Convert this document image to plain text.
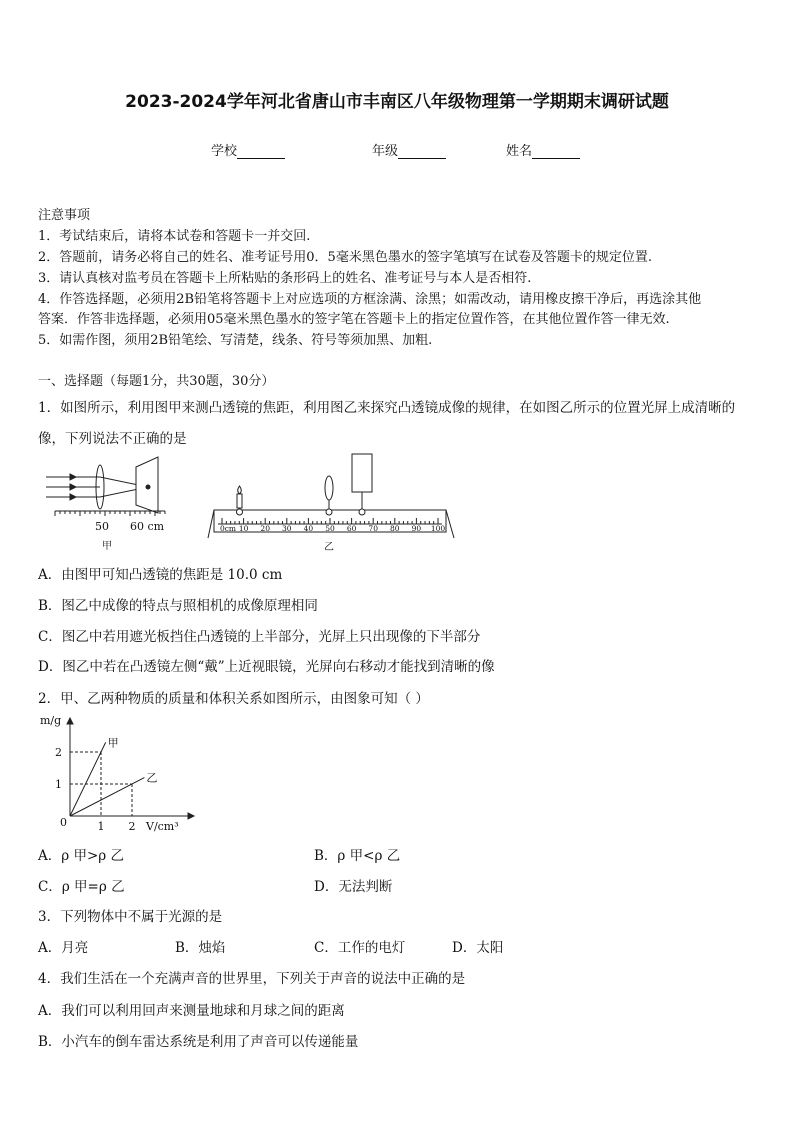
2023-2024学年河北省唐山市丰南区八年级物理第一学期期末调研试题
学校	年级	姓名
注意事项
1．考试结束后，请将本试卷和答题卡一并交回.
2．答题前，请务必将自己的姓名、准考证号用0．5毫米黑色墨水的签字笔填写在试卷及答题卡的规定位置.
3．请认真核对监考员在答题卡上所粘贴的条形码上的姓名、准考证号与本人是否相符.
4．作答选择题，必须用2B铅笔将答题卡上对应选项的方框涂满、涂黑；如需改动，请用橡皮擦干净后，再选涂其他
答案．作答非选择题，必须用05毫米黑色墨水的签字笔在答题卡上的指定位置作答，在其他位置作答一律无效.
5．如需作图，须用2B铅笔绘、写清楚，线条、符号等须加黑、加粗.
一、选择题（每题1分，共30题，30分）
1．如图所示，利用图甲来测凸透镜的焦距，利用图乙来探究凸透镜成像的规律，在如图乙所示的位置光屏上成清晰的
像，下列说法不正确的是
50 60 cm
甲
0cm 10 20 30 40 50 60 70 80 90 100
乙
A．由图甲可知凸透镜的焦距是 10.0 cm
B．图乙中成像的特点与照相机的成像原理相同
C．图乙中若用遮光板挡住凸透镜的上半部分，光屏上只出现像的下半部分
D．图乙中若在凸透镜左侧“戴”上近视眼镜，光屏向右移动才能找到清晰的像
2．甲、乙两种物质的质量和体积关系如图所示，由图象可知（ ）
m/g
V/cm³
0
甲
乙
1 2
1
2
A．ρ 甲>ρ 乙	B．ρ 甲<ρ 乙
C．ρ 甲=ρ 乙	D．无法判断
3．下列物体中不属于光源的是
A．月亮	B．烛焰	C．工作的电灯	D．太阳
4．我们生活在一个充满声音的世界里，下列关于声音的说法中正确的是
A．我们可以利用回声来测量地球和月球之间的距离
B．小汽车的倒车雷达系统是利用了声音可以传递能量
